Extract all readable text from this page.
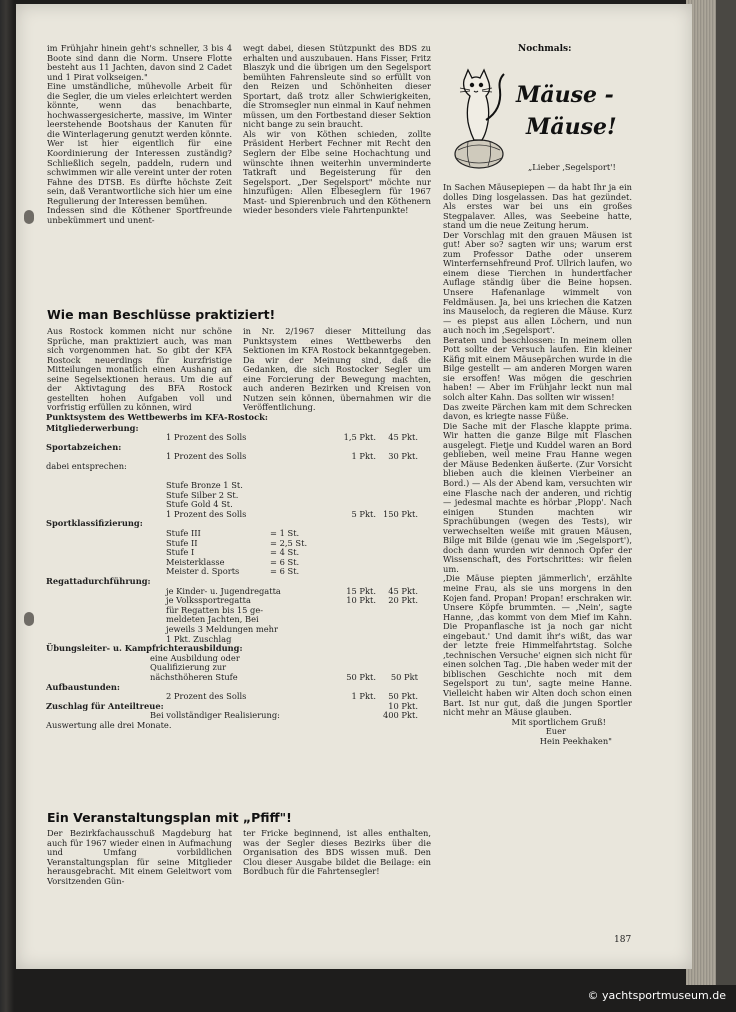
im Frühjahr hinein geht's schneller, 3 bis 4 Boote sind dann die Norm. Unsere Flotte besteht aus 11 Jachten, davon sind 2 Cadet und 1 Pirat volkseigen."

Eine umständliche, mühevolle Arbeit für die Segler, die um vieles erleichtert werden könnte, wenn das benachbarte, hochwassergesicherte, massive, im Winter leerstehende Bootshaus der Kanuten für die Winterlagerung genutzt werden könnte. Wer ist hier eigentlich für eine Koordinierung der Interessen zuständig? Schließlich segeln, paddeln, rudern und schwimmen wir alle vereint unter der roten Fahne des DTSB. Es dürfte höchste Zeit sein, daß Verantwortliche sich hier um eine Regulierung der Interessen bemühen.

Indessen sind die Köthener Sportfreunde unbekümmert und unent-

wegt dabei, diesen Stützpunkt des BDS zu erhalten und auszubauen. Hans Fisser, Fritz Blaszyk und die übrigen um den Segelsport bemühten Fahrensleute sind so erfüllt von den Reizen und Schönheiten dieser Sportart, daß trotz aller Schwierigkeiten, die Stromsegler nun einmal in Kauf nehmen müssen, um den Fortbestand dieser Sektion nicht bange zu sein braucht.

Als wir von Köthen schieden, zollte Präsident Herbert Fechner mit Recht den Seglern der Elbe seine Hochachtung und wünschte ihnen weiterhin unverminderte Tatkraft und Begeisterung für den Segelsport. „Der Segelsport" möchte nur hinzufügen: Allen Elbeseglern für 1967 Mast- und Spierenbruch und den Köthenern wieder besonders viele Fahrtenpunkte!

Wie man Beschlüsse praktiziert!
Aus Rostock kommen nicht nur schöne Sprüche, man praktiziert auch, was man sich vorgenommen hat. So gibt der KFA Rostock neuerdings für kurzfristige Mitteilungen monatlich einen Aushang an seine Segelsektionen heraus. Um die auf der Aktivtagung des BFA Rostock gestellten hohen Aufgaben voll und vorfristig erfüllen zu können, wird
in Nr. 2/1967 dieser Mitteilung das Punktsystem eines Wettbewerbs den Sektionen im KFA Rostock bekanntgegeben. Da wir der Meinung sind, daß die Gedanken, die sich Rostocker Segler um eine Forcierung der Bewegung machten, auch anderen Bezirken und Kreisen von Nutzen sein können, übernahmen wir die Veröffentlichung.
Punktsystem des Wettbewerbs im KFA-Rostock:
Mitgliederwerbung:
1 Prozent des Solls	1,5 Pkt. 45 Pkt.
Sportabzeichen:
1 Prozent des Solls	1 Pkt. 30 Pkt.
dabei entsprechen:
Stufe Bronze 1 St.
Stufe Silber 2 St.
Stufe Gold 4 St.
1 Prozent des Solls	5 Pkt. 150 Pkt.
Sportklassifizierung:
Stufe III	= 1 St.
Stufe II	= 2,5 St.
Stufe I	= 4 St.
Meisterklasse	= 6 St.
Meister d. Sports	= 6 St.
Regattadurchführung:
je Kinder- u. Jugendregatta	15 Pkt. 45 Pkt.
je Volkssportregatta	10 Pkt. 20 Pkt.
für Regatten bis 15 ge-
meldeten Jachten, Bei
jeweils 3 Meldungen mehr
1 Pkt. Zuschlag
Übungsleiter- u. Kampfrichterausbildung:
eine Ausbildung oder
Qualifizierung zur
nächsthöheren Stufe	50 Pkt. 50 Pkt
Aufbaustunden:
2 Prozent des Solls	1 Pkt. 50 Pkt.
Zuschlag für Anteiltreue:	10 Pkt.
Bei vollständiger Realisierung:	400 Pkt.
Auswertung alle drei Monate.
Ein Veranstaltungsplan mit „Pfiff"!
Der Bezirkfachausschuß Magdeburg hat auch für 1967 wieder einen in Aufmachung und Umfang vorbildlichen Veranstaltungsplan für seine Mitglieder herausgebracht. Mit einem Geleitwort vom Vorsitzenden Gün-
ter Fricke beginnend, ist alles enthalten, was der Segler dieses Bezirks über die Organisation des BDS wissen muß. Den Clou dieser Ausgabe bildet die Beilage: ein Bordbuch für die Fahrtensegler!
Nochmals:
Mäuse -
Mäuse!
„Lieber ‚Segelsport'!

In Sachen Mäusepiepen — da habt Ihr ja ein dolles Ding losgelassen. Das hat gezündet. Als erstes war bei uns ein großes Stegpalaver. Alles, was Seebeine hatte, stand um die neue Zeitung herum.

Der Vorschlag mit den grauen Mäusen ist gut! Aber so? sagten wir uns; warum erst zum Professor Dathe oder unserem Winterfernsehfreund Prof. Ullrich laufen, wo einem diese Tierchen in hundertfacher Auflage ständig über die Beine hopsen. Unsere Hafenanlage wimmelt von Feldmäusen. Ja, bei uns kriechen die Katzen ins Mauseloch, da regieren die Mäuse. Kurz — es piepst aus allen Löchern, und nun auch noch im ‚Segelsport'.

Beraten und beschlossen: In meinem ollen Pott sollte der Versuch laufen. Ein kleiner Käfig mit einem Mäusepärchen wurde in die Bilge gestellt — am anderen Morgen waren sie ersoffen! Was mögen die geschrien haben! — Aber im Frühjahr leckt nun mal solch alter Kahn. Das sollten wir wissen!

Das zweite Pärchen kam mit dem Schrecken davon, es kriegte nasse Füße.

Die Sache mit der Flasche klappte prima. Wir hatten die ganze Bilge mit Flaschen ausgelegt. Fietje und Kuddel waren an Bord geblieben, weil meine Frau Hanne wegen der Mäuse Bedenken äußerte. (Zur Vorsicht blieben auch die kleinen Vierbeiner an Bord.) — Als der Abend kam, versuchten wir eine Flasche nach der anderen, und richtig — jedesmal machte es hörbar ‚Plopp'. Nach einigen Stunden machten wir Sprachübungen (wegen des Tests), wir verwechselten weiße mit grauen Mäusen, Bilge mit Bilde (genau wie im ‚Segelsport'), doch dann wurden wir dennoch Opfer der Wissenschaft, des Fortschrittes: wir fielen um.

‚Die Mäuse piepten jämmerlich', erzählte meine Frau, als sie uns morgens in den Kojen fand. Propan! Propan! erschraken wir. Unsere Köpfe brummten. — ‚Nein', sagte Hanne, ‚das kommt von dem Mief im Kahn. Die Propanflasche ist ja noch gar nicht eingebaut.' Und damit ihr's wißt, das war der letzte freie Himmelfahrtstag. Solche ‚technischen Versuche' eignen sich nicht für einen solchen Tag. ‚Die haben weder mit der biblischen Geschichte noch mit dem Segelsport zu tun', sagte meine Hanne. Vielleicht haben wir Alten doch schon einen Bart. Ist nur gut, daß die jungen Sportler nicht mehr an Mäuse glauben.

Mit sportlichem Gruß!

Euer

Hein Peekhaken"

187
© yachtsportmuseum.de
